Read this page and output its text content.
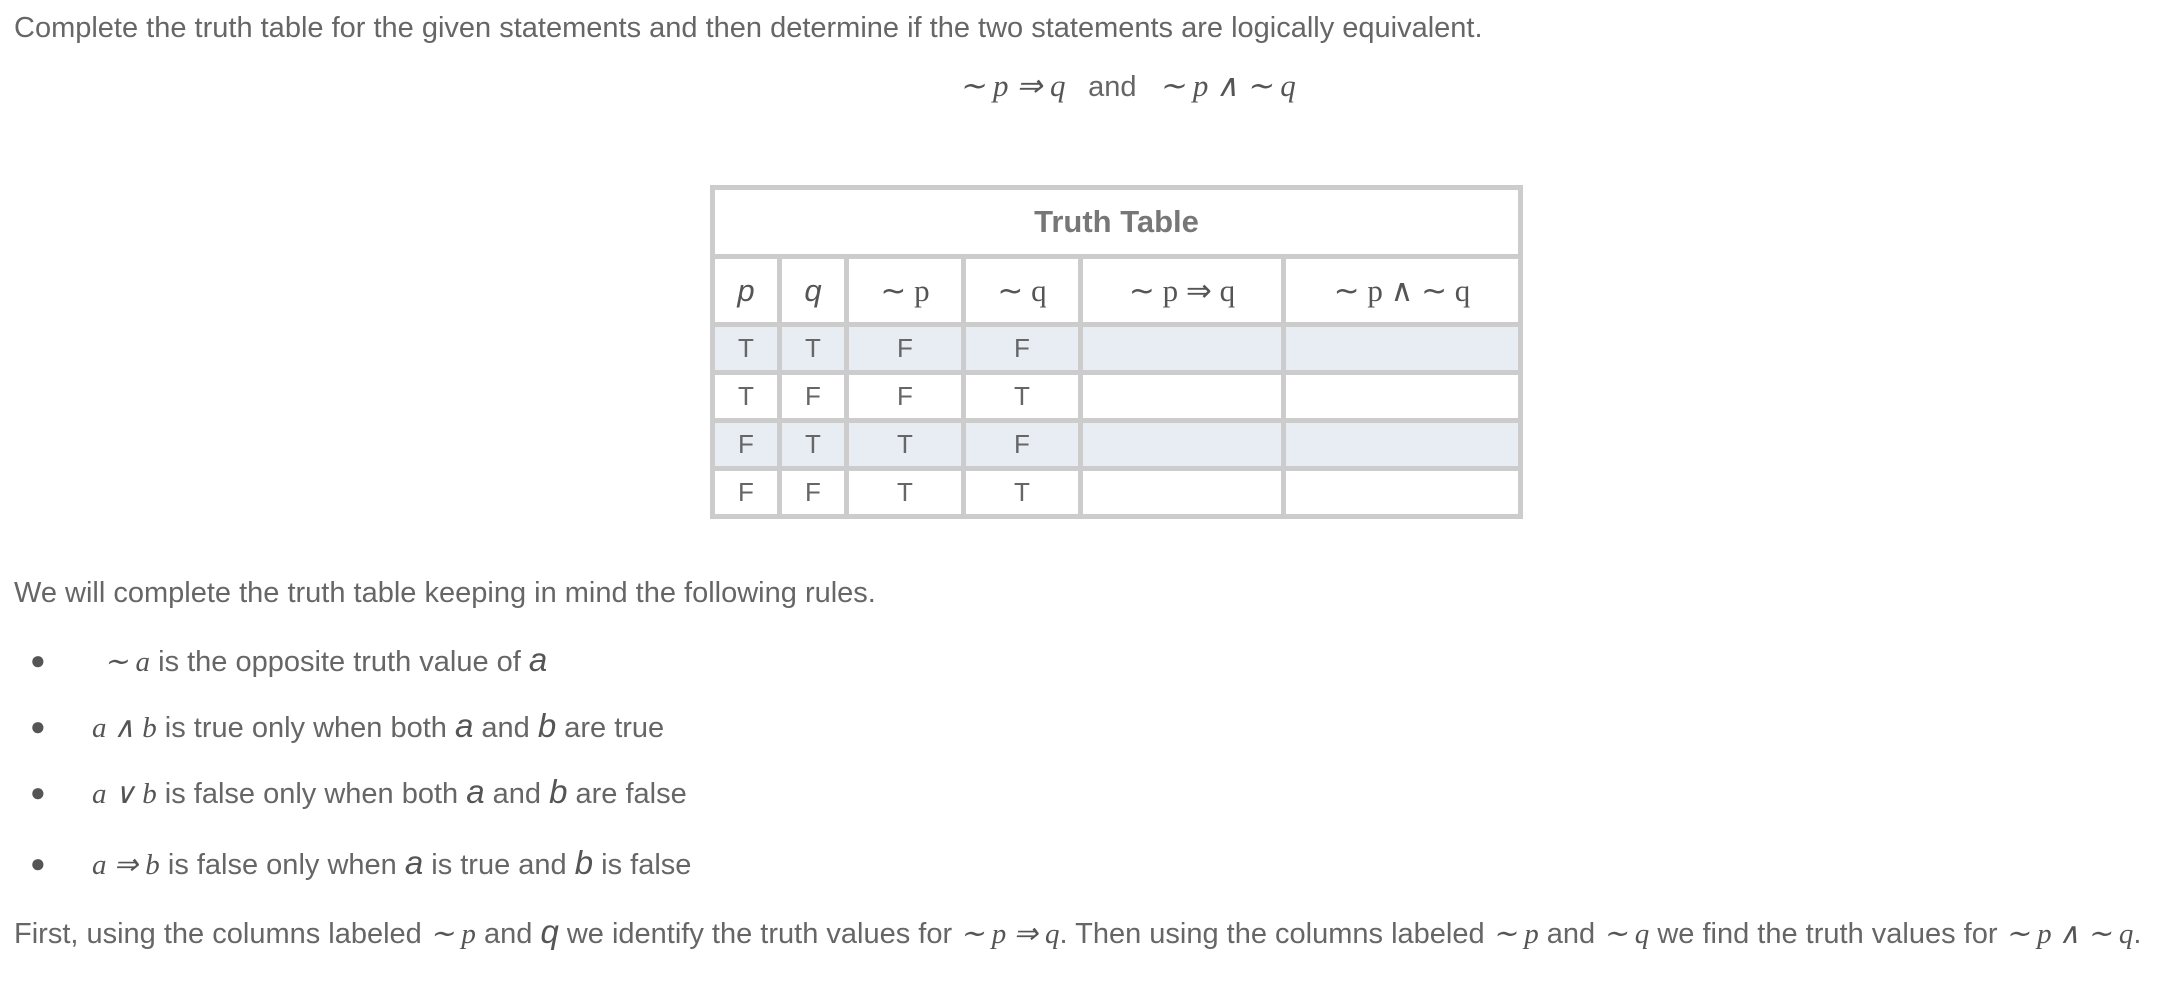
Complete the truth table for the given statements and then determine if the two statements are logically equivalent.
∼ p ⇒ q and ∼ p ∧ ∼ q
Truth Table					
p	q	∼ p	∼ q	∼ p ⇒ q	∼ p ∧ ∼ q
T	T	F	F		
T	F	F	T		
F	T	T	F		
F	F	T	T		
We will complete the truth table keeping in mind the following rules.
● ∼ a is the opposite truth value of a
● a ∧ b is true only when both a and b are true
● a ∨ b is false only when both a and b are false
● a ⇒ b is false only when a is true and b is false
First, using the columns labeled ∼ p and q we identify the truth values for ∼ p ⇒ q. Then using the columns labeled ∼ p and ∼ q we find the truth values for ∼ p ∧ ∼ q.
